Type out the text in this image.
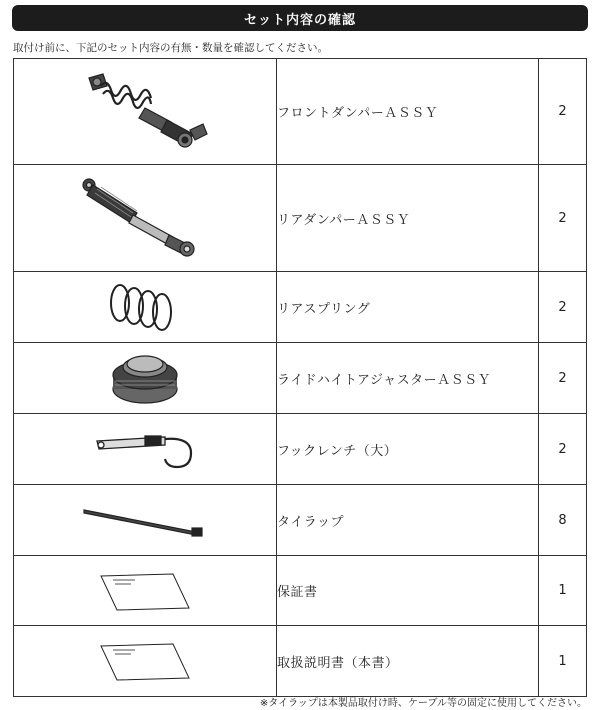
セット内容の確認
取付け前に、下記のセット内容の有無・数量を確認してください。
	フロントダンパーＡＳＳＹ	2

	リアダンパーＡＳＳＹ	2

	リアスプリング	2

	ライドハイトアジャスターＡＳＳＹ	2

	フックレンチ（大）	2

	タイラップ	8

	保証書	1

	取扱説明書（本書）	1
※タイラップは本製品取付け時、ケーブル等の固定に使用してください。
